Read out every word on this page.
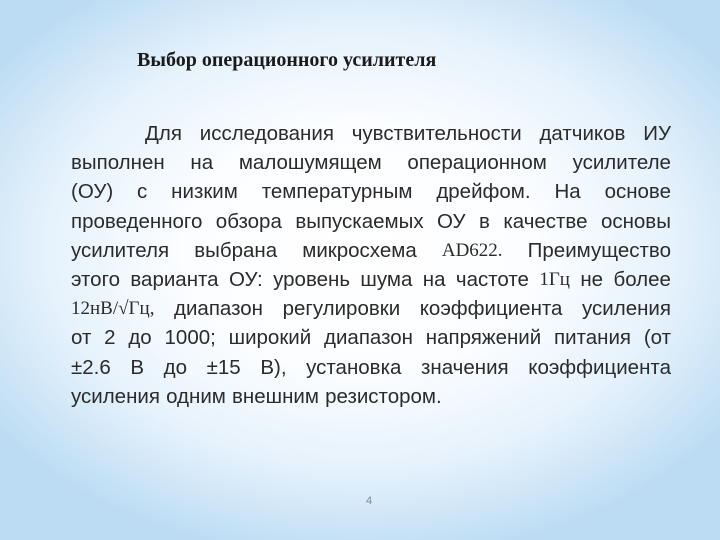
Выбор операционного усилителя
Для исследования чувствительности датчиков ИУ
выполнен на малошумящем операционном усилителе
(ОУ) с низким температурным дрейфом. На основе
проведенного обзора выпускаемых ОУ в качестве основы
усилителя выбрана микросхема AD622. Преимущество
этого варианта ОУ: уровень шума на частоте 1Гц не более
12нВ/√Гц, диапазон регулировки коэффициента усиления
от 2 до 1000; широкий диапазон напряжений питания (от
±2.6 В до ±15 В), установка значения коэффициента
усиления одним внешним резистором.
4
